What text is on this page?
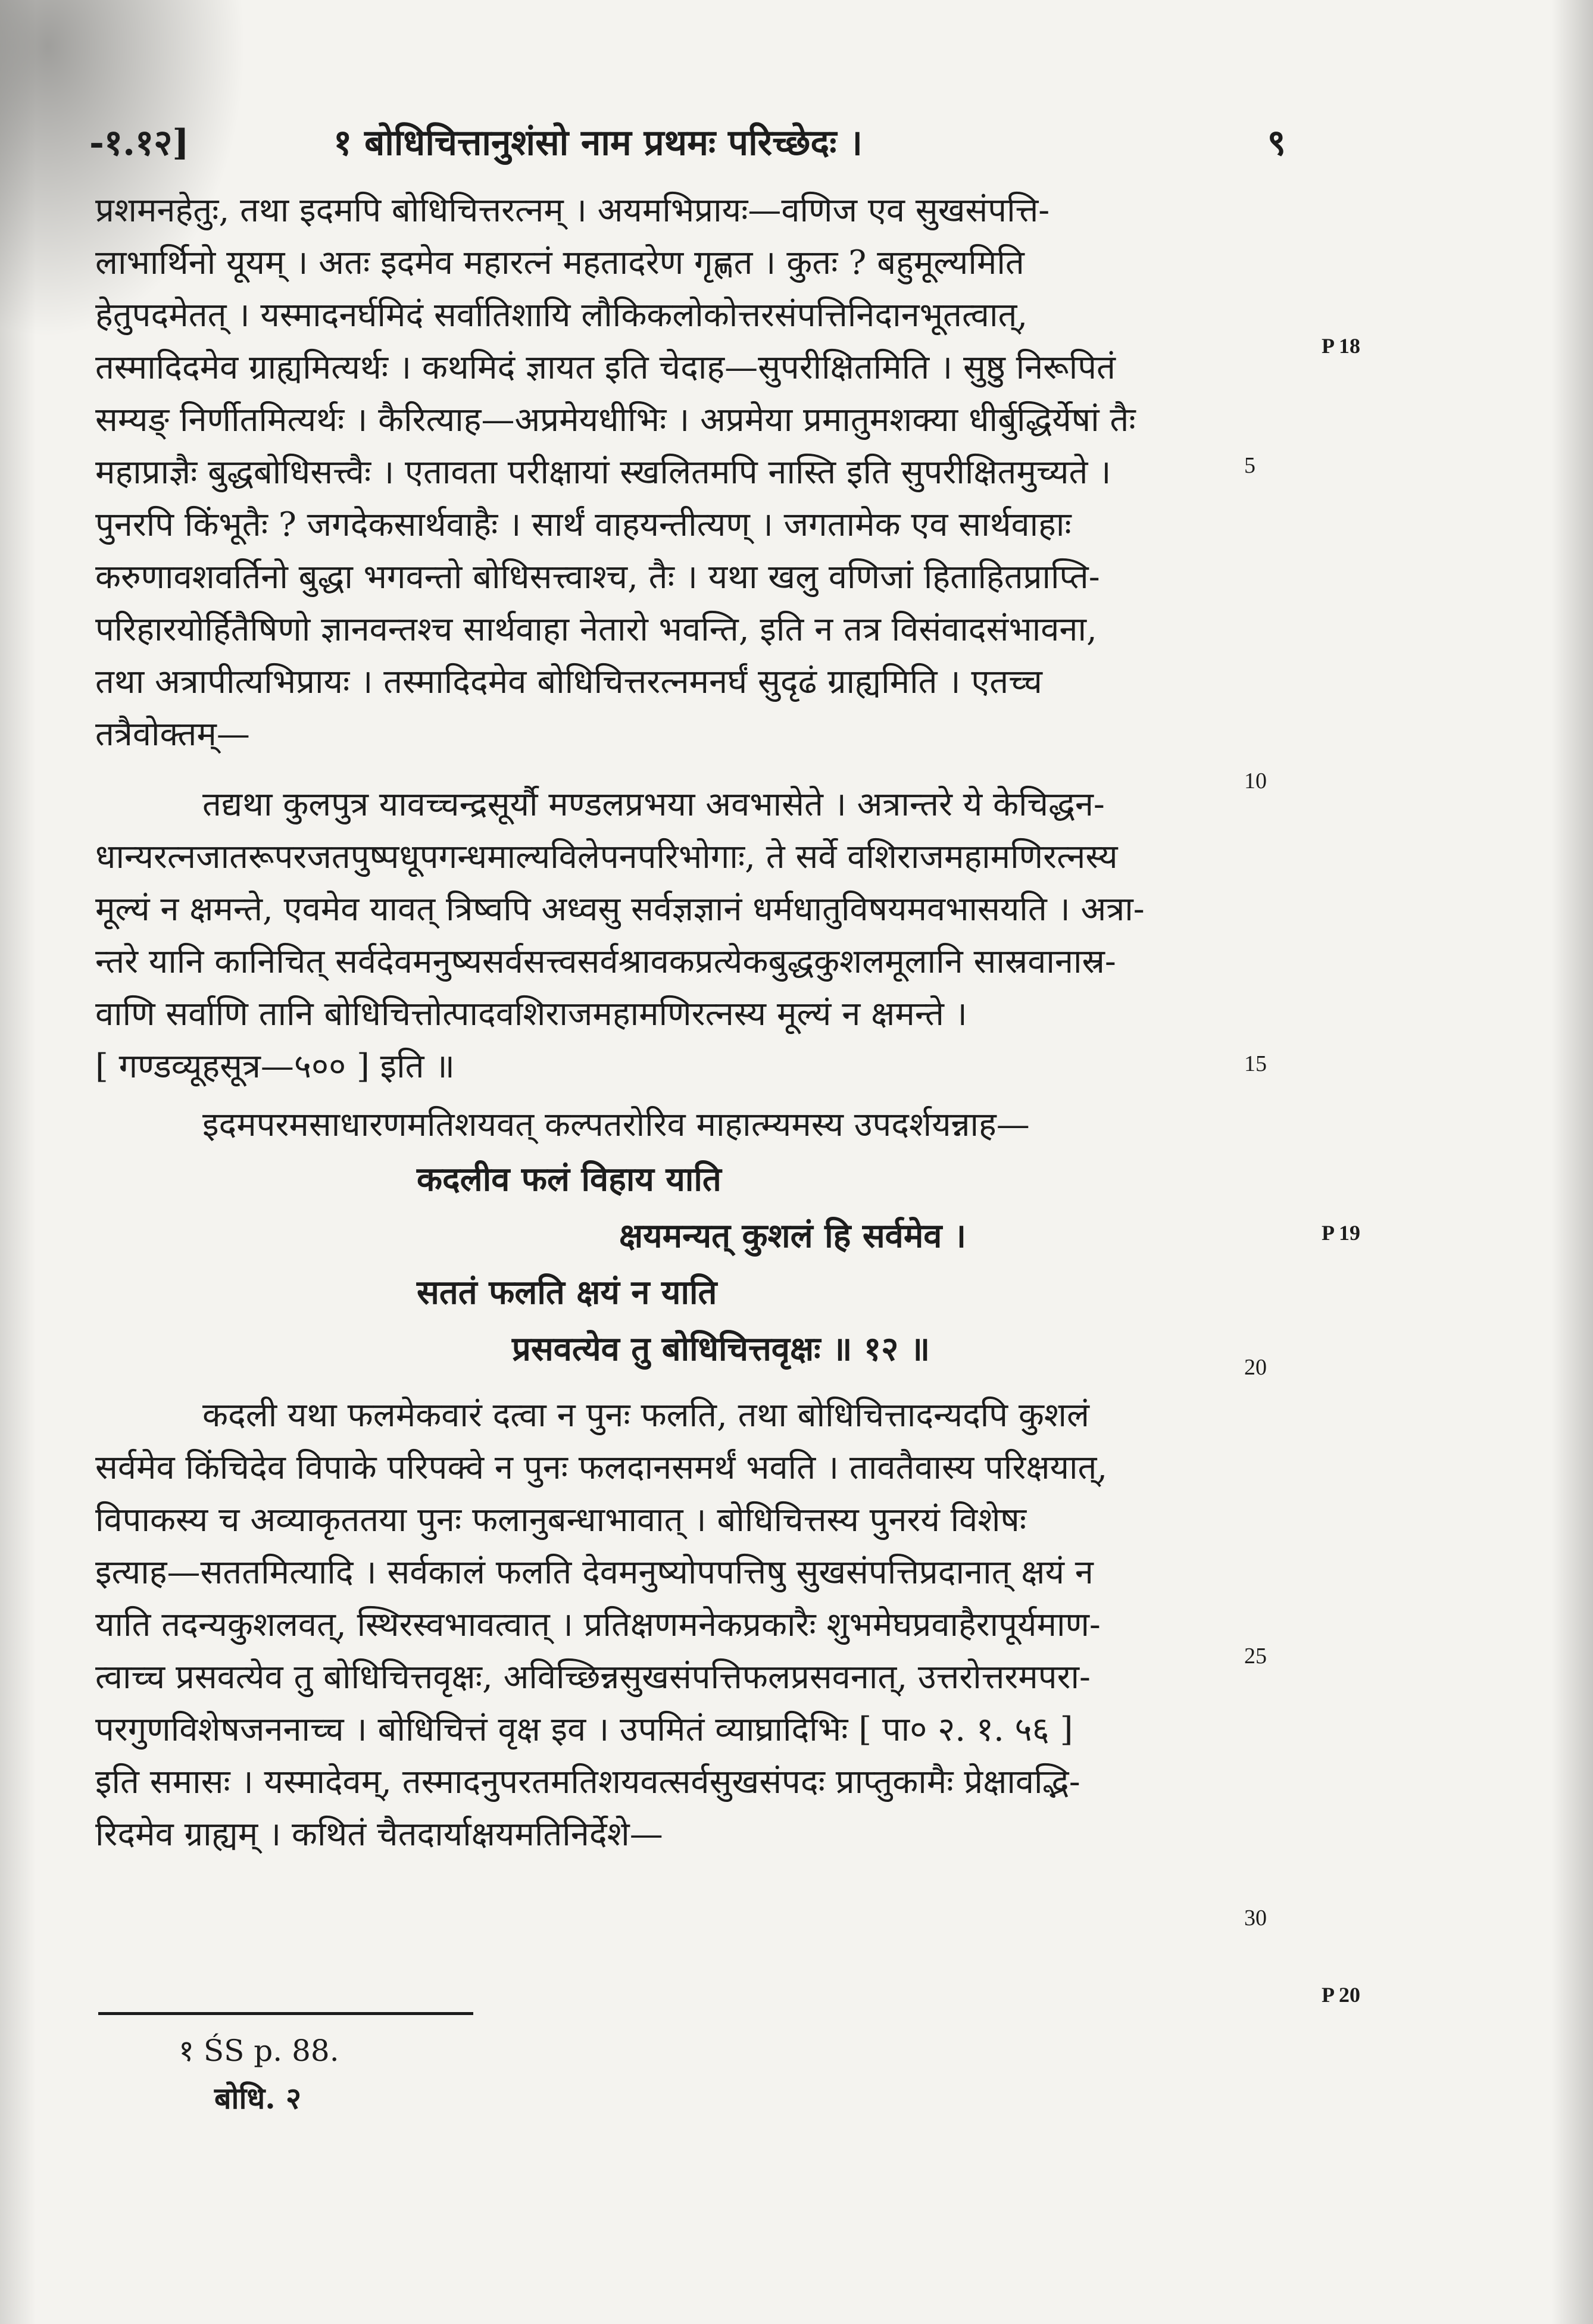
-१.१२]	१ बोधिचित्तानुशंसो नाम प्रथमः परिच्छेदः ।	९
प्रशमनहेतुः, तथा इदमपि बोधिचित्तरत्नम् । अयमभिप्रायः—वणिज एव सुखसंपत्ति-
लाभार्थिनो यूयम् । अतः इदमेव महारत्नं महतादरेण गृह्णत । कुतः ? बहुमूल्यमिति
हेतुपदमेतत् । यस्मादनर्घमिदं सर्वातिशायि लौकिकलोकोत्तरसंपत्तिनिदानभूतत्वात्,
तस्मादिदमेव ग्राह्यमित्यर्थः । कथमिदं ज्ञायत इति चेदाह—सुपरीक्षितमिति । सुष्ठु निरूपितं
सम्यङ् निर्णीतमित्यर्थः । कैरित्याह—अप्रमेयधीभिः । अप्रमेया प्रमातुमशक्या धीर्बुद्धिर्येषां तैः
महाप्राज्ञैः बुद्धबोधिसत्त्वैः । एतावता परीक्षायां स्खलितमपि नास्ति इति सुपरीक्षितमुच्यते ।
पुनरपि किंभूतैः ? जगदेकसार्थवाहैः । सार्थं वाहयन्तीत्यण् । जगतामेक एव सार्थवाहाः
करुणावशवर्तिनो बुद्धा भगवन्तो बोधिसत्त्वाश्च, तैः । यथा खलु वणिजां हिताहितप्राप्ति-
परिहारयोर्हितैषिणो ज्ञानवन्तश्च सार्थवाहा नेतारो भवन्ति, इति न तत्र विसंवादसंभावना,
तथा अत्रापीत्यभिप्रायः । तस्मादिदमेव बोधिचित्तरत्नमनर्घं सुदृढं ग्राह्यमिति । एतच्च
तत्रैवोक्तम्—
तद्यथा कुलपुत्र यावच्चन्द्रसूर्यौ मण्डलप्रभया अवभासेते । अत्रान्तरे ये केचिद्धन-
धान्यरत्नजातरूपरजतपुष्पधूपगन्धमाल्यविलेपनपरिभोगाः, ते सर्वे वशिराजमहामणिरत्नस्य
मूल्यं न क्षमन्ते, एवमेव यावत् त्रिष्वपि अध्वसु सर्वज्ञज्ञानं धर्मधातुविषयमवभासयति । अत्रा-
न्तरे यानि कानिचित् सर्वदेवमनुष्यसर्वसत्त्वसर्वश्रावकप्रत्येकबुद्धकुशलमूलानि सास्रवानास्र-
वाणि सर्वाणि तानि बोधिचित्तोत्पादवशिराजमहामणिरत्नस्य मूल्यं न क्षमन्ते ।
[ गण्डव्यूहसूत्र—५०० ] इति ॥
इदमपरमसाधारणमतिशयवत् कल्पतरोरिव माहात्म्यमस्य उपदर्शयन्नाह—
कदलीव फलं विहाय याति
क्षयमन्यत् कुशलं हि सर्वमेव ।
सततं फलति क्षयं न याति
प्रसवत्येव तु बोधिचित्तवृक्षः ॥ १२ ॥
कदली यथा फलमेकवारं दत्वा न पुनः फलति, तथा बोधिचित्तादन्यदपि कुशलं
सर्वमेव किंचिदेव विपाके परिपक्वे न पुनः फलदानसमर्थं भवति । तावतैवास्य परिक्षयात्,
विपाकस्य च अव्याकृततया पुनः फलानुबन्धाभावात् । बोधिचित्तस्य पुनरयं विशेषः
इत्याह—सततमित्यादि । सर्वकालं फलति देवमनुष्योपपत्तिषु सुखसंपत्तिप्रदानात् क्षयं न
याति तदन्यकुशलवत्, स्थिरस्वभावत्वात् । प्रतिक्षणमनेकप्रकारैः शुभमेघप्रवाहैरापूर्यमाण-
त्वाच्च प्रसवत्येव तु बोधिचित्तवृक्षः, अविच्छिन्नसुखसंपत्तिफलप्रसवनात्, उत्तरोत्तरमपरा-
परगुणविशेषजननाच्च । बोधिचित्तं वृक्ष इव । उपमितं व्याघ्रादिभिः [ पा० २. १. ५६ ]
इति समासः । यस्मादेवम्, तस्मादनुपरतमतिशयवत्सर्वसुखसंपदः प्राप्तुकामैः प्रेक्षावद्भि-
रिदमेव ग्राह्यम् । कथितं चैतदार्याक्षयमतिनिर्देशे—
5
10
15
20
25
30
P 18
P 19
P 20
१ ŚS p. 88.
बोधि. २
